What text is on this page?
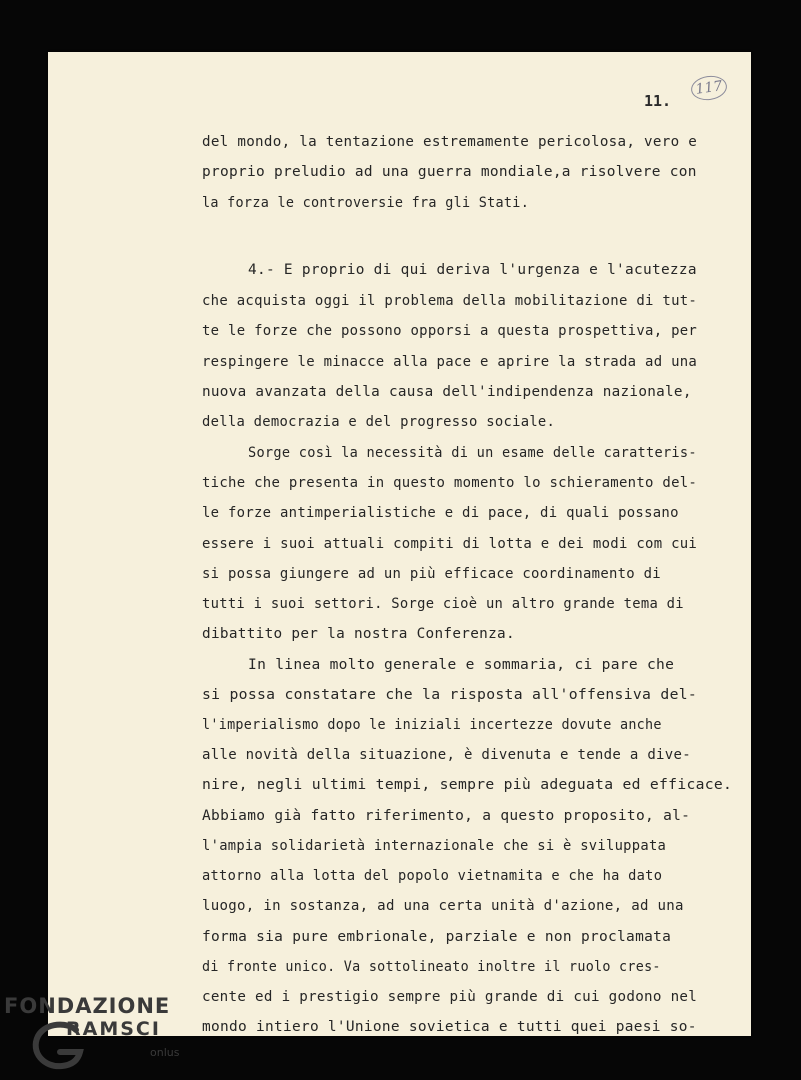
117
11.
del mondo, la tentazione estremamente pericolosa, vero e
proprio preludio ad una guerra mondiale,a risolvere con
la forza le controversie fra gli Stati.
4.- E proprio di qui deriva l'urgenza e l'acutezza
che acquista oggi il problema della mobilitazione di tut-
te le forze che possono opporsi a questa prospettiva, per
respingere le minacce alla pace e aprire la strada ad una
nuova avanzata della causa dell'indipendenza nazionale,
della democrazia e del progresso sociale.
Sorge così la necessità di un esame delle caratteris-
tiche che presenta in questo momento lo schieramento del-
le forze antimperialistiche e di pace, di quali possano
essere i suoi attuali compiti di lotta e dei modi com cui
si possa giungere ad un più efficace coordinamento di
tutti i suoi settori. Sorge cioè un altro grande tema di
dibattito per la nostra Conferenza.
In linea molto generale e sommaria, ci pare che
si possa constatare che la risposta all'offensiva del-
l'imperialismo dopo le iniziali incertezze dovute anche
alle novità della situazione, è divenuta e tende a dive-
nire, negli ultimi tempi, sempre più adeguata ed efficace.
Abbiamo già fatto riferimento, a questo proposito, al-
l'ampia solidarietà internazionale che si è sviluppata
attorno alla lotta del popolo vietnamita e che ha dato
luogo, in sostanza, ad una certa unità d'azione, ad una
forma sia pure embrionale, parziale e non proclamata
di fronte unico. Va sottolineato inoltre il ruolo cres-
cente ed i prestigio sempre più grande di cui godono nel
mondo intiero l'Unione sovietica e tutti quei paesi so-
FONDAZIONE
RAMSCI
onlus
